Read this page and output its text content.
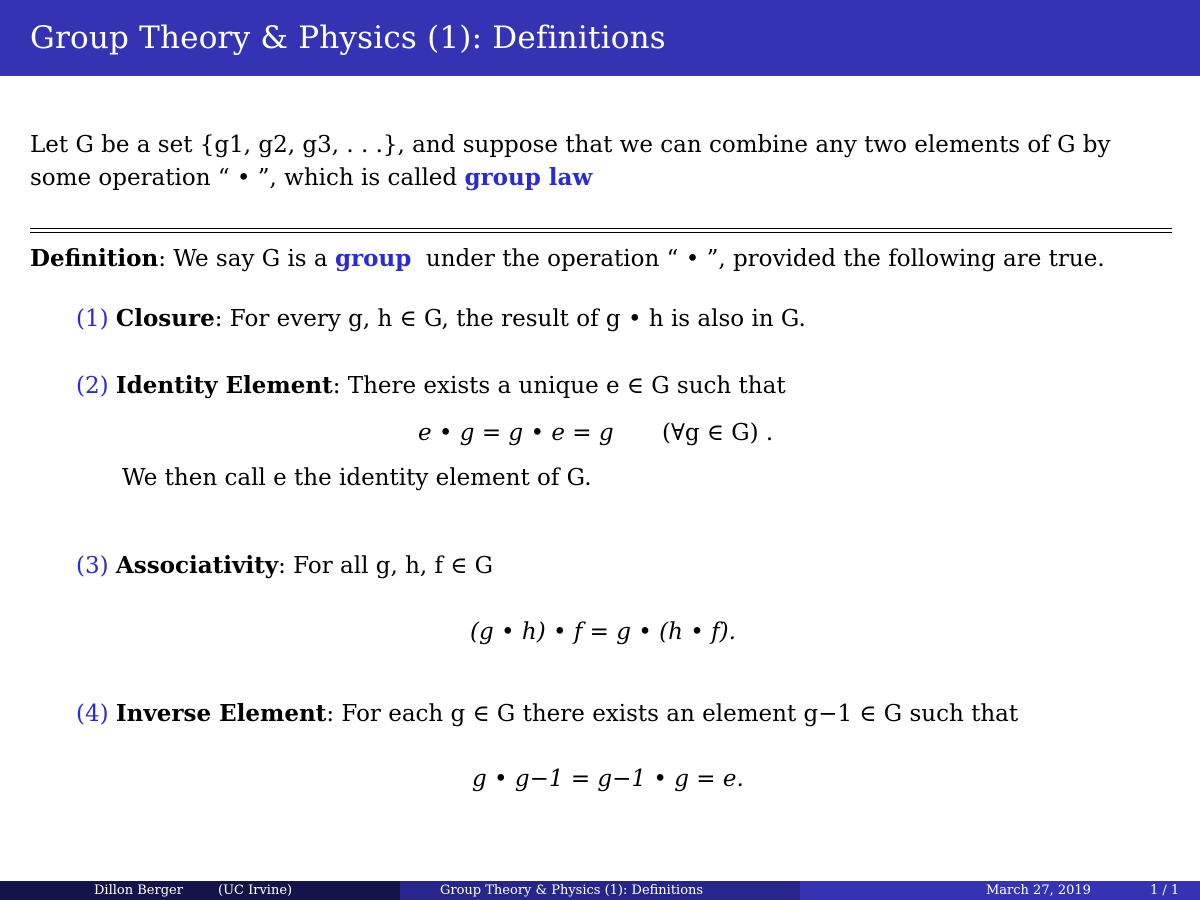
Group Theory & Physics (1): Definitions
Let G be a set {g1, g2, g3, . . .}, and suppose that we can combine any two elements of G by
some operation “ • ”, which is called group law
Definition: We say G is a group under the operation “ • ”, provided the following are true.
(1) Closure: For every g, h ∈ G, the result of g • h is also in G.
(2) Identity Element: There exists a unique e ∈ G such that
e • g = g • e = g (∀g ∈ G) .
We then call e the identity element of G.
(3) Associativity: For all g, h, f ∈ G
(g • h) • f = g • (h • f).
(4) Inverse Element: For each g ∈ G there exists an element g−1 ∈ G such that
g • g−1 = g−1 • g = e.
Dillon Berger	(UC Irvine)	Group Theory & Physics (1): Definitions	March 27, 2019	1 / 1
